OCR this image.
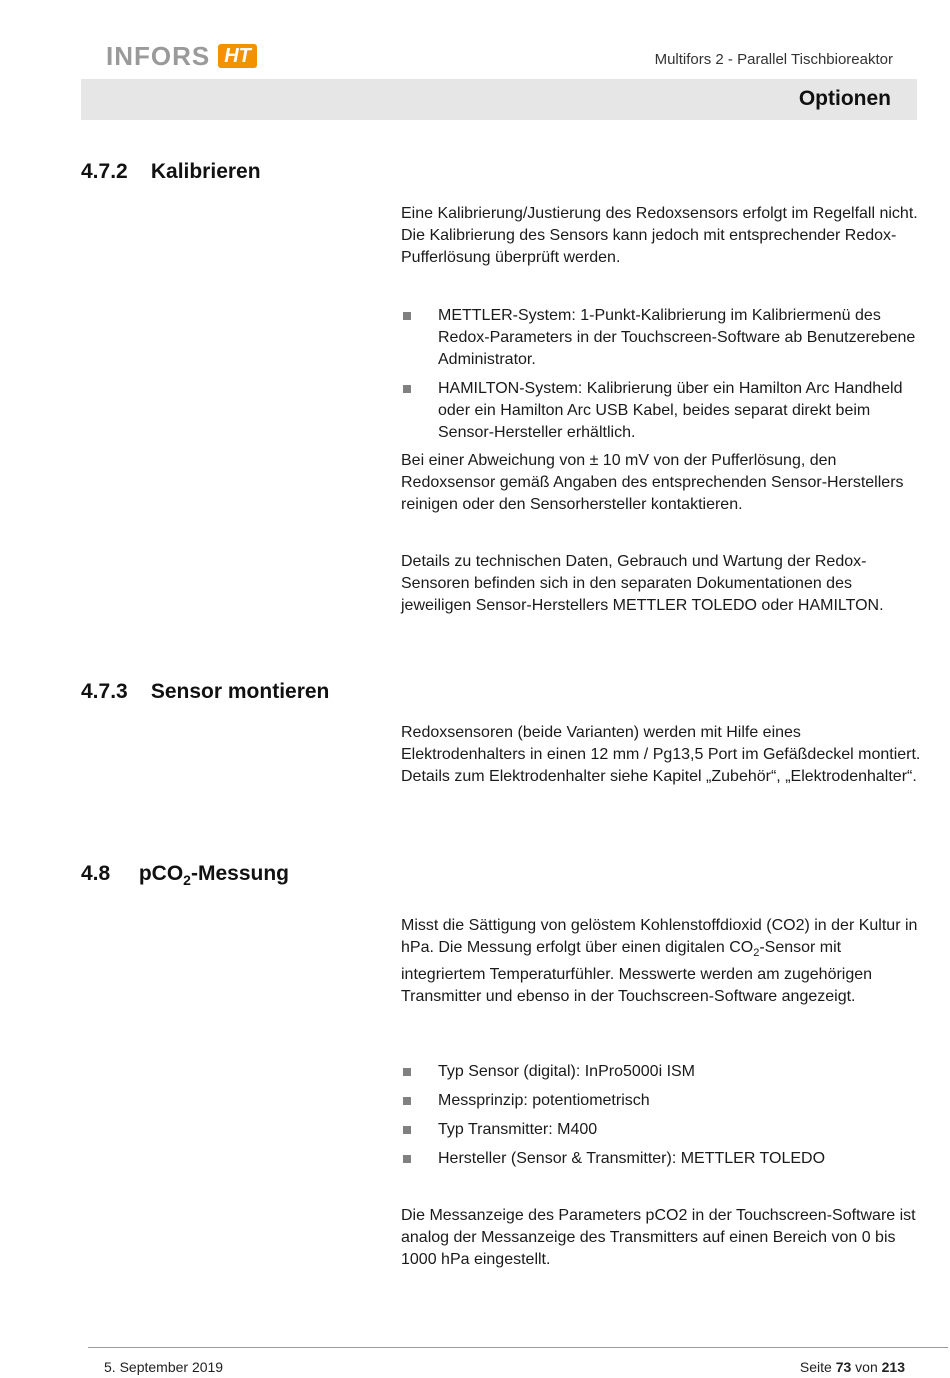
INFORS HT	Multifors 2 - Parallel Tischbioreaktor
Optionen
4.7.2 Kalibrieren

Eine Kalibrierung/Justierung des Redoxsensors erfolgt im Regelfall nicht. Die Kalibrierung des Sensors kann jedoch mit entsprechender Redox-Pufferlösung überprüft werden.

METTLER-System: 1-Punkt-Kalibrierung im Kalibriermenü des Redox-Parameters in der Touchscreen-Software ab Benutzerebene Administrator.
HAMILTON-System: Kalibrierung über ein Hamilton Arc Handheld oder ein Hamilton Arc USB Kabel, beides separat direkt beim Sensor-Hersteller erhältlich.

Bei einer Abweichung von ± 10 mV von der Pufferlösung, den Redoxsensor gemäß Angaben des entsprechenden Sensor-Herstellers reinigen oder den Sensorhersteller kontaktieren.

Details zu technischen Daten, Gebrauch und Wartung der Redox-Sensoren befinden sich in den separaten Dokumentationen des jeweiligen Sensor-Herstellers METTLER TOLEDO oder HAMILTON.

4.7.3 Sensor montieren

Redoxsensoren (beide Varianten) werden mit Hilfe eines Elektrodenhalters in einen 12 mm / Pg13,5 Port im Gefäßdeckel montiert. Details zum Elektrodenhalter siehe Kapitel „Zubehör“, „Elektrodenhalter“.

4.8 pCO$_2$-Messung

Misst die Sättigung von gelöstem Kohlenstoffdioxid (CO2) in der Kultur in hPa. Die Messung erfolgt über einen digitalen $CO_2$-Sensor mit integriertem Temperaturfühler. Messwerte werden am zugehörigen Transmitter und ebenso in der Touchscreen-Software angezeigt.

Typ Sensor (digital): InPro5000i ISM
Messprinzip: potentiometrisch
Typ Transmitter: M400
Hersteller (Sensor & Transmitter): METTLER TOLEDO

Die Messanzeige des Parameters pCO2 in der Touchscreen-Software ist analog der Messanzeige des Transmitters auf einen Bereich von 0 bis 1000 hPa eingestellt.

5. September 2019	Seite 73 von 213
